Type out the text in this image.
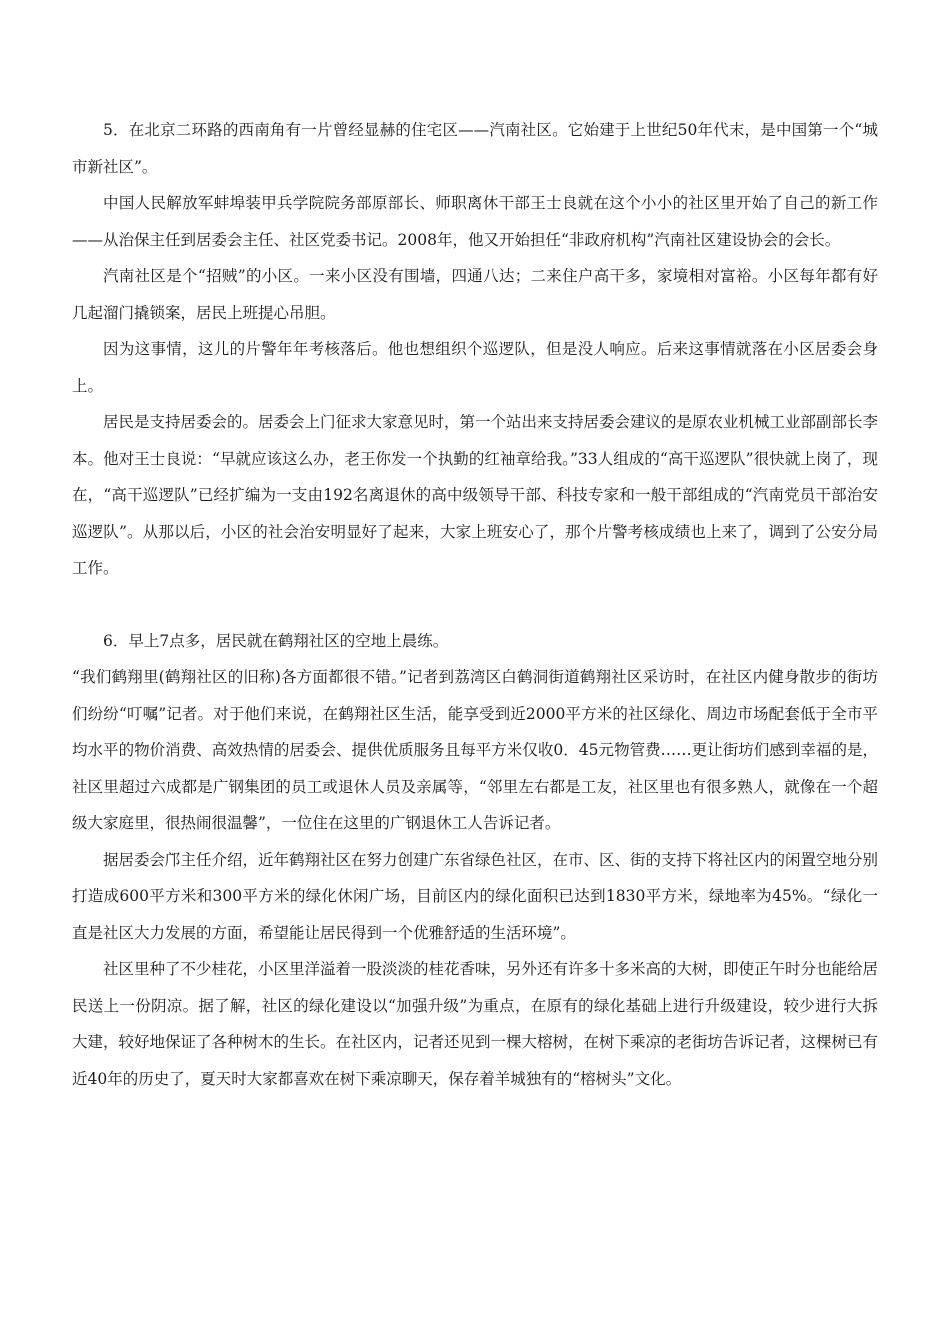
5．在北京二环路的西南角有一片曾经显赫的住宅区——汽南社区。它始建于上世纪50年代末，是中国第一个“城市新社区”。

中国人民解放军蚌埠装甲兵学院院务部原部长、师职离休干部王士良就在这个小小的社区里开始了自己的新工作——从治保主任到居委会主任、社区党委书记。2008年，他又开始担任“非政府机构”汽南社区建设协会的会长。

汽南社区是个“招贼”的小区。一来小区没有围墙，四通八达；二来住户高干多，家境相对富裕。小区每年都有好几起溜门撬锁案，居民上班提心吊胆。

因为这事情，这儿的片警年年考核落后。他也想组织个巡逻队，但是没人响应。后来这事情就落在小区居委会身上。

居民是支持居委会的。居委会上门征求大家意见时，第一个站出来支持居委会建议的是原农业机械工业部副部长李本。他对王士良说：“早就应该这么办，老王你发一个执勤的红袖章给我。”33人组成的“高干巡逻队”很快就上岗了，现在，“高干巡逻队”已经扩编为一支由192名离退休的高中级领导干部、科技专家和一般干部组成的“汽南党员干部治安巡逻队”。从那以后，小区的社会治安明显好了起来，大家上班安心了，那个片警考核成绩也上来了，调到了公安分局工作。

6．早上7点多，居民就在鹤翔社区的空地上晨练。

“我们鹤翔里(鹤翔社区的旧称)各方面都很不错。”记者到荔湾区白鹤洞街道鹤翔社区采访时，在社区内健身散步的街坊们纷纷“叮嘱”记者。对于他们来说，在鹤翔社区生活，能享受到近2000平方米的社区绿化、周边市场配套低于全市平均水平的物价消费、高效热情的居委会、提供优质服务且每平方米仅收0．45元物管费……更让街坊们感到幸福的是，社区里超过六成都是广钢集团的员工或退休人员及亲属等，“邻里左右都是工友，社区里也有很多熟人，就像在一个超级大家庭里，很热闹很温馨”，一位住在这里的广钢退休工人告诉记者。

据居委会邝主任介绍，近年鹤翔社区在努力创建广东省绿色社区，在市、区、街的支持下将社区内的闲置空地分别打造成600平方米和300平方米的绿化休闲广场，目前区内的绿化面积已达到1830平方米，绿地率为45%。“绿化一直是社区大力发展的方面，希望能让居民得到一个优雅舒适的生活环境”。

社区里种了不少桂花，小区里洋溢着一股淡淡的桂花香味，另外还有许多十多米高的大树，即使正午时分也能给居民送上一份阴凉。据了解，社区的绿化建设以“加强升级”为重点，在原有的绿化基础上进行升级建设，较少进行大拆大建，较好地保证了各种树木的生长。在社区内，记者还见到一棵大榕树，在树下乘凉的老街坊告诉记者，这棵树已有近40年的历史了，夏天时大家都喜欢在树下乘凉聊天，保存着羊城独有的“榕树头”文化。
